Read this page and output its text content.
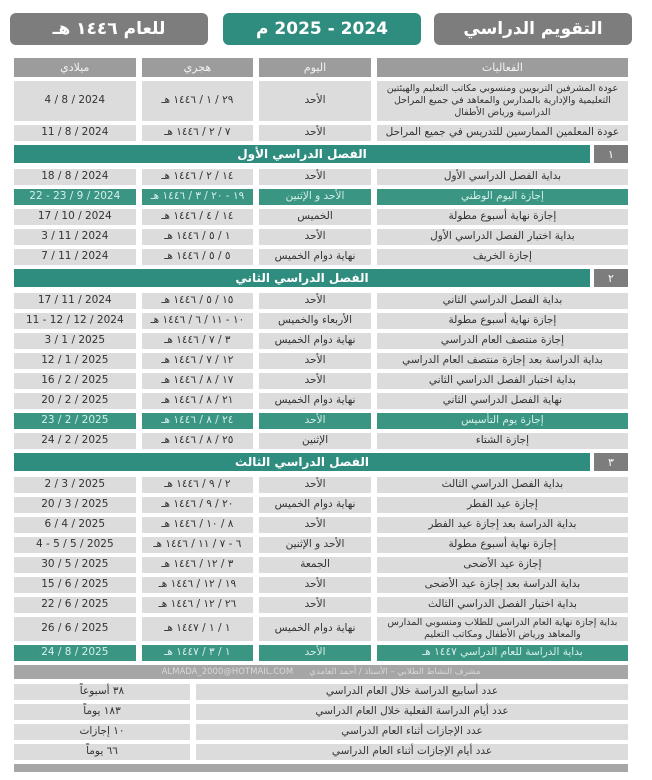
التقويم الدراسي
2024 - 2025 م
للعام ١٤٤٦ هـ
الفعاليات
اليوم
هجري
ميلادي
عودة المشرفين التربويين ومنسوبي مكاتب التعليم والهيئتين التعليمية والإدارية بالمدارس والمعاهد في جميع المراحل الدراسية ورياض الأطفال
الأحد
٢٩ / ١ / ١٤٤٦ هـ
4 / 8 / 2024
عودة المعلمين الممارسين للتدريس في جميع المراحل
الأحد
٧ / ٢ / ١٤٤٦ هـ
11 / 8 / 2024
١
الفصل الدراسي الأول
بداية الفصل الدراسي الأول
الأحد
١٤ / ٢ / ١٤٤٦ هـ
18 / 8 / 2024
إجازة اليوم الوطني
الأحد و الإثنين
١٩ - ٢٠ / ٣ / ١٤٤٦ هـ
22 - 23 / 9 / 2024
إجازة نهاية أسبوع مطولة
الخميس
١٤ / ٤ / ١٤٤٦ هـ
17 / 10 / 2024
بداية اختبار الفصل الدراسي الأول
الأحد
١ / ٥ / ١٤٤٦ هـ
3 / 11 / 2024
إجازة الخريف
نهاية دوام الخميس
٥ / ٥ / ١٤٤٦ هـ
7 / 11 / 2024
٢
الفصل الدراسي الثاني
بداية الفصل الدراسي الثاني
الأحد
١٥ / ٥ / ١٤٤٦ هـ
17 / 11 / 2024
إجازة نهاية أسبوع مطولة
الأربعاء والخميس
١٠ - ١١ / ٦ / ١٤٤٦ هـ
11 - 12 / 12 / 2024
إجازة منتصف العام الدراسي
نهاية دوام الخميس
٣ / ٧ / ١٤٤٦ هـ
3 / 1 / 2025
بداية الدراسة بعد إجازة منتصف العام الدراسي
الأحد
١٢ / ٧ / ١٤٤٦ هـ
12 / 1 / 2025
بداية اختبار الفصل الدراسي الثاني
الأحد
١٧ / ٨ / ١٤٤٦ هـ
16 / 2 / 2025
نهاية الفصل الدراسي الثاني
نهاية دوام الخميس
٢١ / ٨ / ١٤٤٦ هـ
20 / 2 / 2025
إجازة يوم التأسيس
الأحد
٢٤ / ٨ / ١٤٤٦ هـ
23 / 2 / 2025
إجازة الشتاء
الإثنين
٢٥ / ٨ / ١٤٤٦ هـ
24 / 2 / 2025
٣
الفصل الدراسي الثالث
بداية الفصل الدراسي الثالث
الأحد
٢ / ٩ / ١٤٤٦ هـ
2 / 3 / 2025
إجازة عيد الفطر
نهاية دوام الخميس
٢٠ / ٩ / ١٤٤٦ هـ
20 / 3 / 2025
بداية الدراسة بعد إجازة عيد الفطر
الأحد
٨ / ١٠ / ١٤٤٦ هـ
6 / 4 / 2025
إجازة نهاية أسبوع مطولة
الأحد و الإثنين
٦ - ٧ / ١١ / ١٤٤٦ هـ
4 - 5 / 5 / 2025
إجازة عيد الأضحى
الجمعة
٣ / ١٢ / ١٤٤٦ هـ
30 / 5 / 2025
بداية الدراسة بعد إجازة عيد الأضحى
الأحد
١٩ / ١٢ / ١٤٤٦ هـ
15 / 6 / 2025
بداية اختبار الفصل الدراسي الثالث
الأحد
٢٦ / ١٢ / ١٤٤٦ هـ
22 / 6 / 2025
بداية إجازة نهاية العام الدراسي للطلاب ومنسوبي المدارس والمعاهد ورياض الأطفال ومكاتب التعليم
نهاية دوام الخميس
١ / ١ / ١٤٤٧ هـ
26 / 6 / 2025
بداية الدراسة للعام الدراسي ١٤٤٧ هـ
الأحد
١ / ٣ / ١٤٤٧ هـ
24 / 8 / 2025
مشرف النشاط الطلابي – الأستاذ / أحمد الغامدي
ALMADA_2000@HOTMAIL.COM
عدد أسابيع الدراسة خلال العام الدراسي
٣٨ أسبوعاً
عدد أيام الدراسة الفعلية خلال العام الدراسي
١٨٣ يوماً
عدد الإجازات أثناء العام الدراسي
١٠ إجازات
عدد أيام الإجازات أثناء العام الدراسي
٦٦ يوماً
